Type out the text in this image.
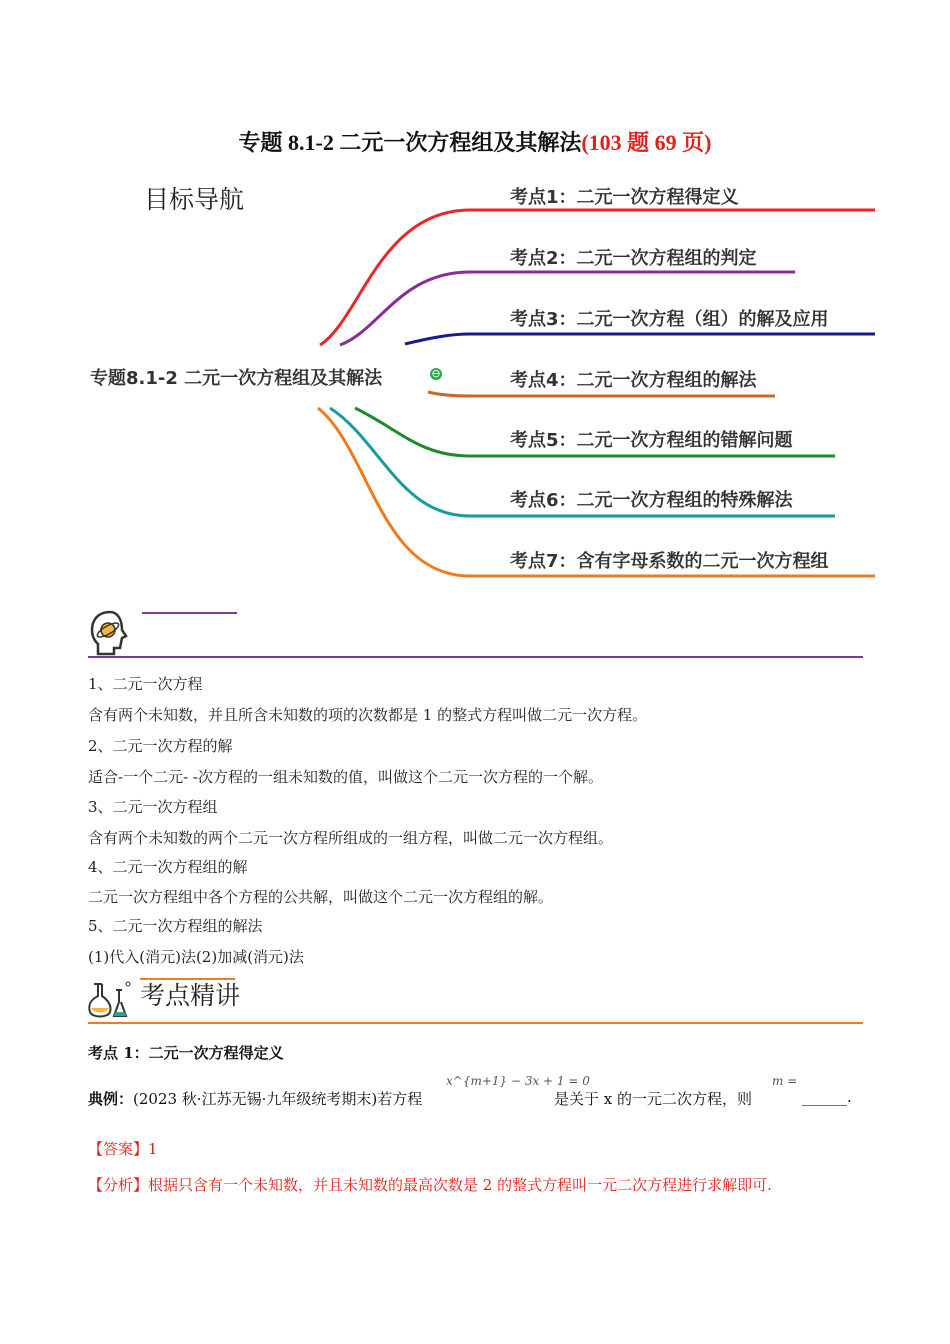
专题 8.1-2 二元一次方程组及其解法(103 题 69 页)
目标导航
专题8.1-2 二元一次方程组及其解法	⊖
考点1：二元一次方程得定义
考点2：二元一次方程组的判定
考点3：二元一次方程（组）的解及应用
考点4：二元一次方程组的解法
考点5：二元一次方程组的错解问题
考点6：二元一次方程组的特殊解法
考点7：含有字母系数的二元一次方程组
1、二元一次方程
含有两个未知数，并且所含未知数的项的次数都是 1 的整式方程叫做二元一次方程。
2、二元一次方程的解
适合-一个二元- -次方程的一组未知数的值，叫做这个二元一次方程的一个解。
3、二元一次方程组
含有两个未知数的两个二元一次方程所组成的一组方程，叫做二元一次方程组。
4、二元一次方程组的解
二元一次方程组中各个方程的公共解，叫做这个二元一次方程组的解。
5、二元一次方程组的解法
(1)代入(消元)法(2)加减(消元)法
考点精讲
考点 1：二元一次方程得定义
典例：(2023 秋·江苏无锡·九年级统考期末)若方程
x^{m+1} − 3x + 1 = 0
是关于 x 的一元二次方程，则
m =
______.
【答案】1
【分析】根据只含有一个未知数，并且未知数的最高次数是 2 的整式方程叫一元二次方程进行求解即可.
